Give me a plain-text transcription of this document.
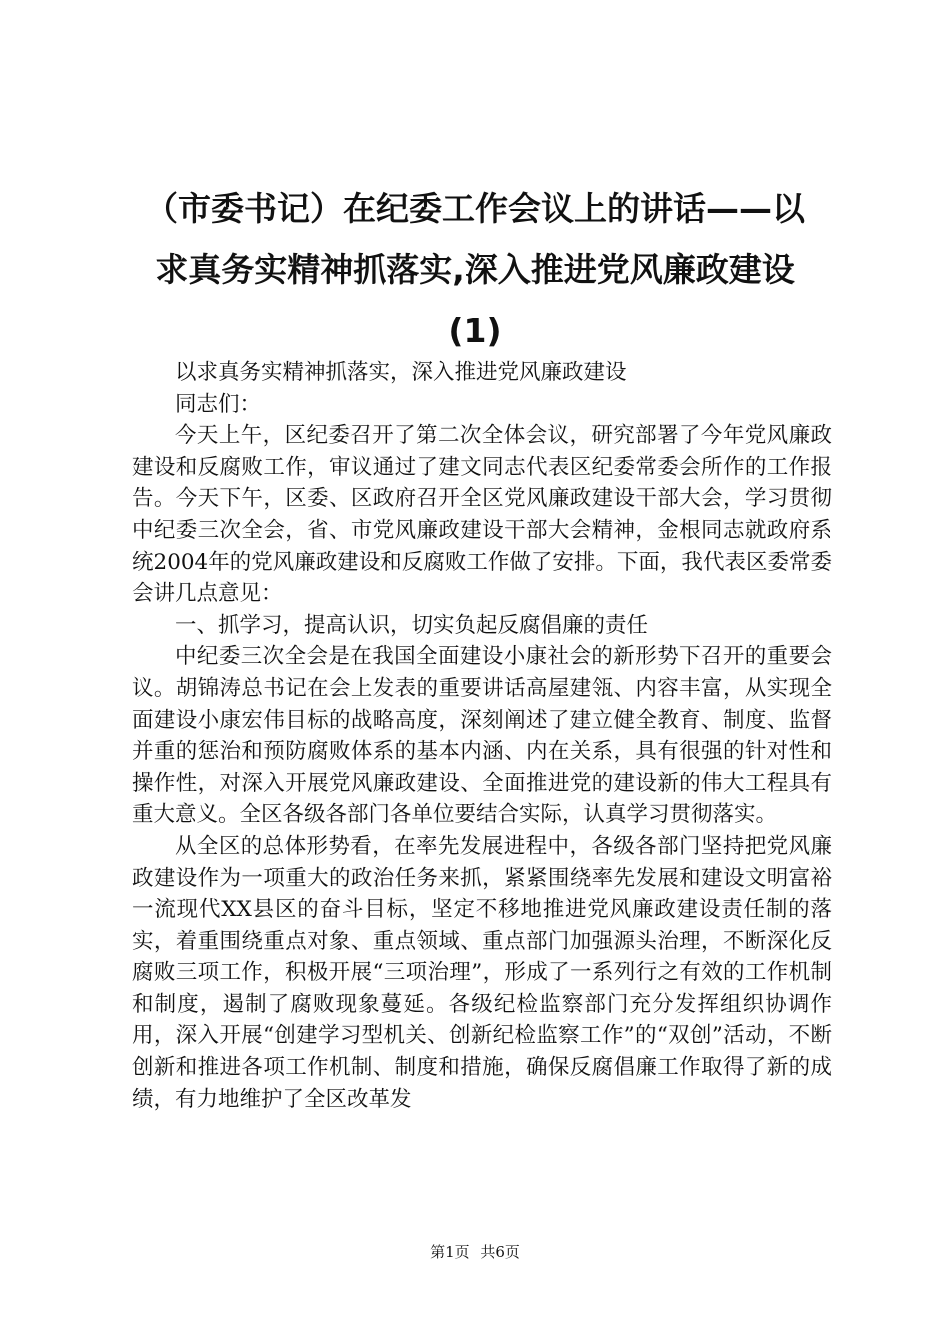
（市委书记）在纪委工作会议上的讲话——以
求真务实精神抓落实,深入推进党风廉政建设
(1)

以求真务实精神抓落实，深入推进党风廉政建设

同志们：

今天上午，区纪委召开了第二次全体会议，研究部署了今年党风廉政建设和反腐败工作，审议通过了建文同志代表区纪委常委会所作的工作报告。今天下午，区委、区政府召开全区党风廉政建设干部大会，学习贯彻中纪委三次全会，省、市党风廉政建设干部大会精神，金根同志就政府系统2004年的党风廉政建设和反腐败工作做了安排。下面，我代表区委常委会讲几点意见：

一、抓学习，提高认识，切实负起反腐倡廉的责任

中纪委三次全会是在我国全面建设小康社会的新形势下召开的重要会议。胡锦涛总书记在会上发表的重要讲话高屋建瓴、内容丰富，从实现全面建设小康宏伟目标的战略高度，深刻阐述了建立健全教育、制度、监督并重的惩治和预防腐败体系的基本内涵、内在关系，具有很强的针对性和操作性，对深入开展党风廉政建设、全面推进党的建设新的伟大工程具有重大意义。全区各级各部门各单位要结合实际，认真学习贯彻落实。

从全区的总体形势看，在率先发展进程中，各级各部门坚持把党风廉政建设作为一项重大的政治任务来抓，紧紧围绕率先发展和建设文明富裕一流现代XX县区的奋斗目标，坚定不移地推进党风廉政建设责任制的落实，着重围绕重点对象、重点领域、重点部门加强源头治理，不断深化反腐败三项工作，积极开展“三项治理”，形成了一系列行之有效的工作机制和制度，遏制了腐败现象蔓延。各级纪检监察部门充分发挥组织协调作用，深入开展“创建学习型机关、创新纪检监察工作”的“双创”活动，不断创新和推进各项工作机制、制度和措施，确保反腐倡廉工作取得了新的成绩，有力地维护了全区改革发

第1页 共6页
